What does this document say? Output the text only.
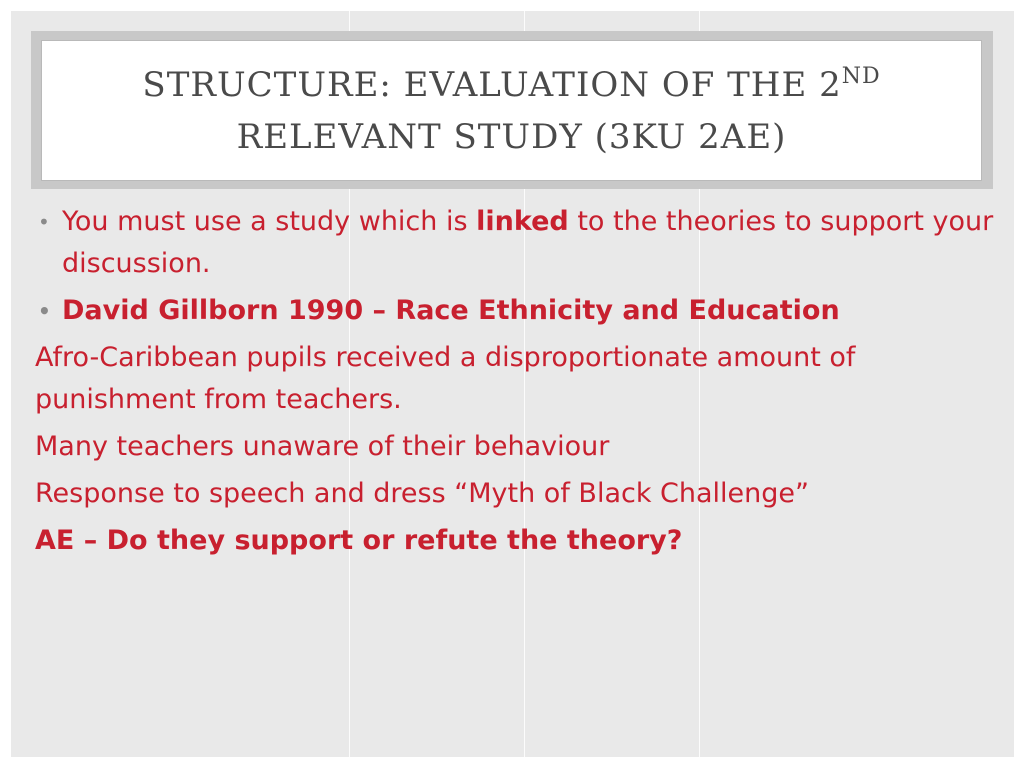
STRUCTURE: EVALUATION OF THE 2ND
RELEVANT STUDY (3KU 2AE)
• You must use a study which is linked to the theories to support your discussion.
• David Gillborn 1990 – Race Ethnicity and Education

Afro-Caribbean pupils received a disproportionate amount of punishment from teachers.

Many teachers unaware of their behaviour

Response to speech and dress “Myth of Black Challenge”

AE – Do they support or refute the theory?
